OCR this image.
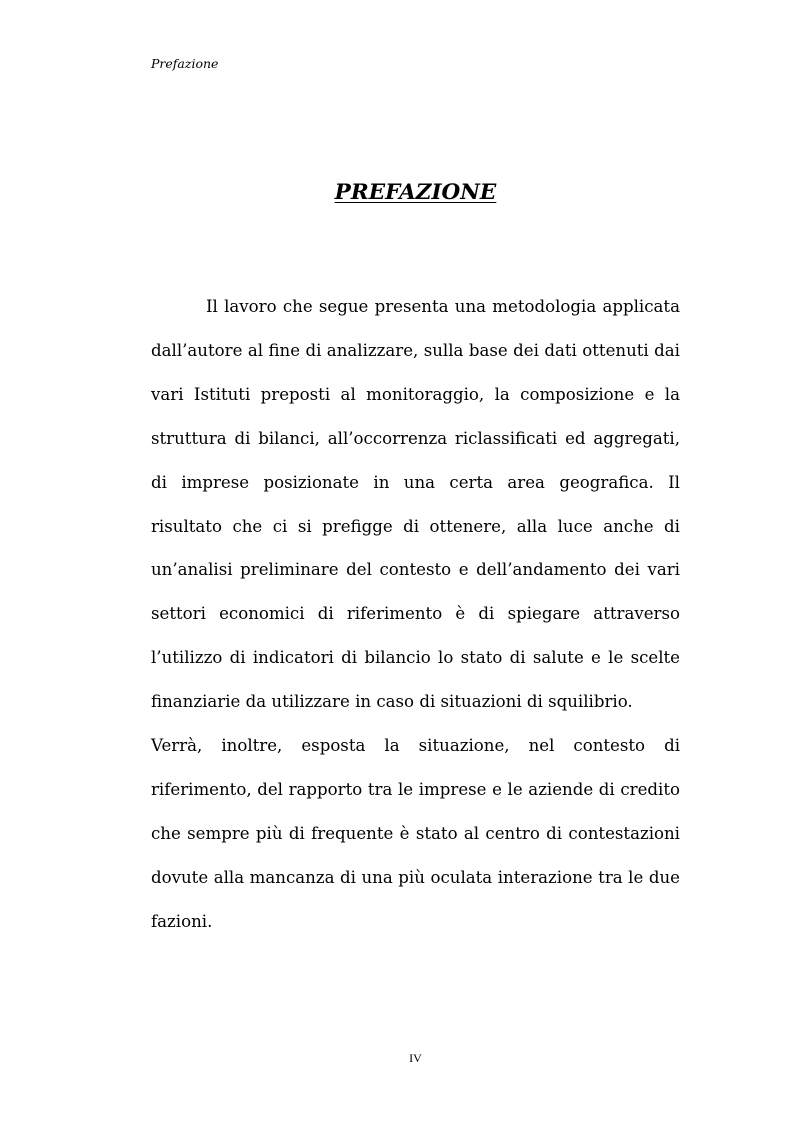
Prefazione
PREFAZIONE

Il lavoro che segue presenta una metodologia applicata dall’autore al fine di analizzare, sulla base dei dati ottenuti dai vari Istituti preposti al monitoraggio, la composizione e la struttura di bilanci, all’occorrenza riclassificati ed aggregati, di imprese posizionate in una certa area geografica. Il risultato che ci si prefigge di ottenere, alla luce anche di un’analisi preliminare del contesto e dell’andamento dei vari settori economici di riferimento è di spiegare attraverso l’utilizzo di indicatori di bilancio lo stato di salute e le scelte finanziarie da utilizzare in caso di situazioni di squilibrio.

Verrà, inoltre, esposta la situazione, nel contesto di riferimento, del rapporto tra le imprese e le aziende di credito che sempre più di frequente è stato al centro di contestazioni dovute alla mancanza di una più oculata interazione tra le due fazioni.

IV
